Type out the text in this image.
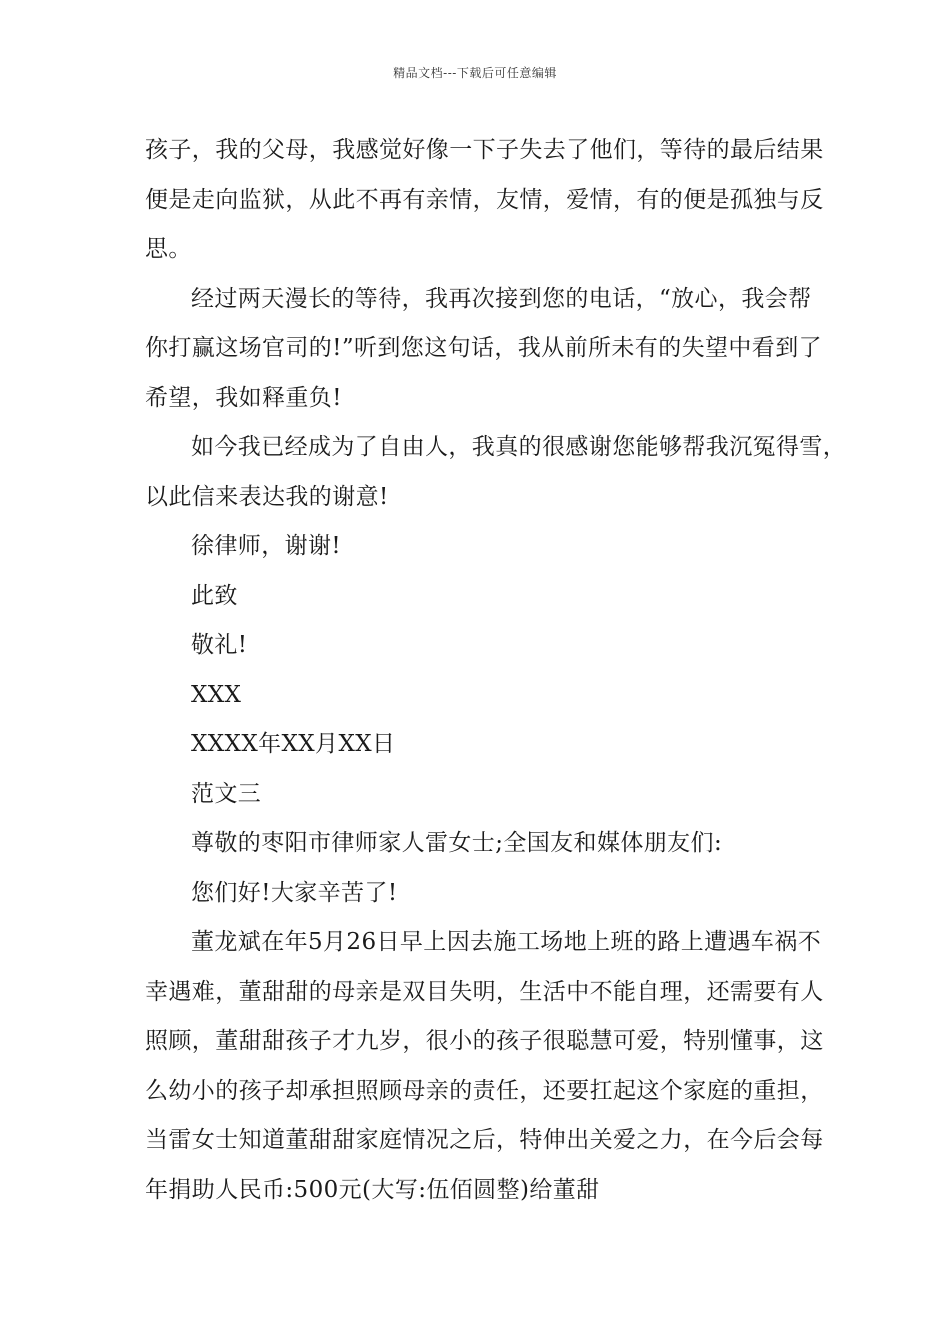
精品文档---下载后可任意编辑
孩子，我的父母，我感觉好像一下子失去了他们，等待的最后结果
便是走向监狱，从此不再有亲情，友情，爱情，有的便是孤独与反
思。
经过两天漫长的等待，我再次接到您的电话，“放心，我会帮
你打赢这场官司的!”听到您这句话，我从前所未有的失望中看到了
希望，我如释重负!
如今我已经成为了自由人，我真的很感谢您能够帮我沉冤得雪，
以此信来表达我的谢意!
徐律师，谢谢!
此致
敬礼!
XXX
XXXX年XX月XX日
范文三
尊敬的枣阳市律师家人雷女士;全国友和媒体朋友们:
您们好!大家辛苦了!
董龙斌在年5月26日早上因去施工场地上班的路上遭遇车祸不
幸遇难，董甜甜的母亲是双目失明，生活中不能自理，还需要有人
照顾，董甜甜孩子才九岁，很小的孩子很聪慧可爱，特别懂事，这
么幼小的孩子却承担照顾母亲的责任，还要扛起这个家庭的重担，
当雷女士知道董甜甜家庭情况之后，特伸出关爱之力，在今后会每
年捐助人民币:500元(大写:伍佰圆整)给董甜
